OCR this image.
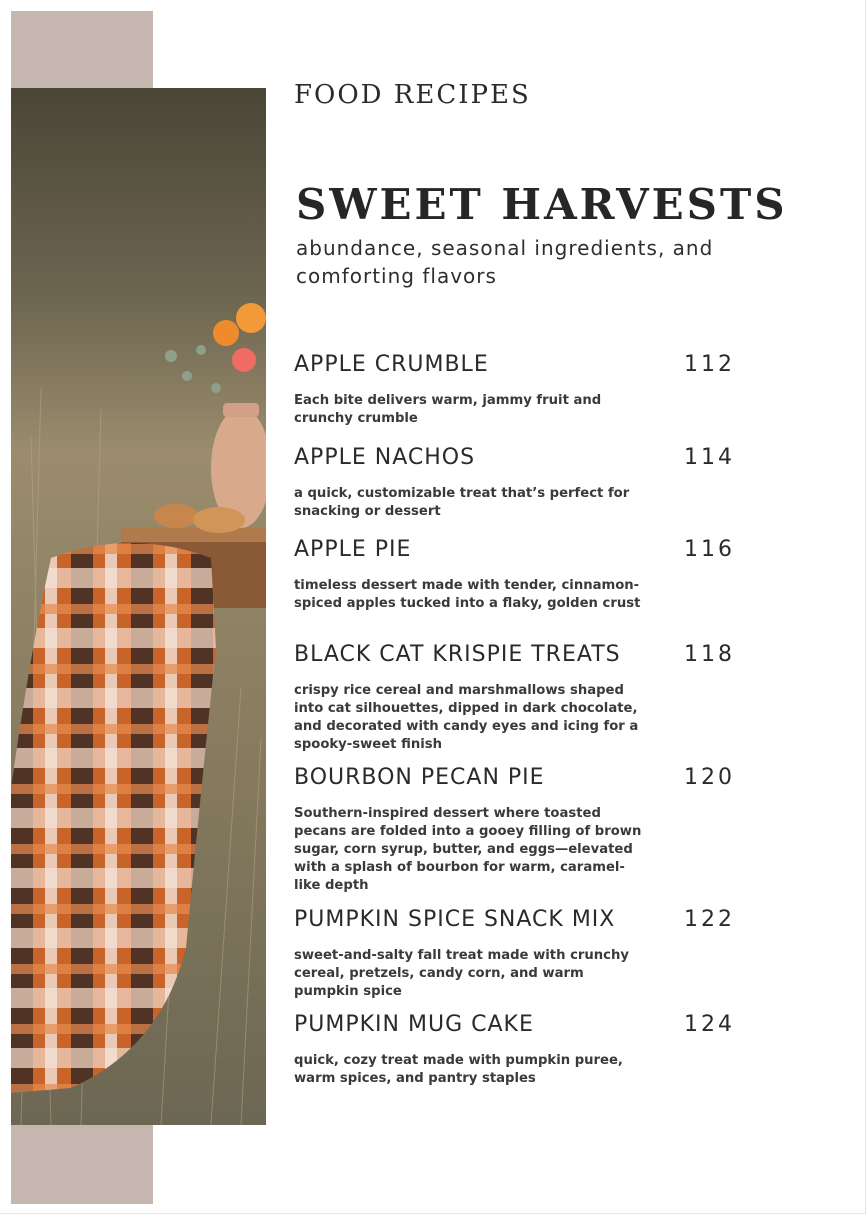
FOOD RECIPES
SWEET HARVESTS

abundance, seasonal ingredients, and comforting flavors

APPLE CRUMBLE	112

Each bite delivers warm, jammy fruit and crunchy crumble

APPLE NACHOS	114

a quick, customizable treat that’s perfect for snacking or dessert

APPLE PIE	116

timeless dessert made with tender, cinnamon-spiced apples tucked into a flaky, golden crust

BLACK CAT KRISPIE TREATS	118

crispy rice cereal and marshmallows shaped into cat silhouettes, dipped in dark chocolate, and decorated with candy eyes and icing for a spooky-sweet finish

BOURBON PECAN PIE	120

Southern-inspired dessert where toasted pecans are folded into a gooey filling of brown sugar, corn syrup, butter, and eggs—elevated with a splash of bourbon for warm, caramel-like depth

PUMPKIN SPICE SNACK MIX	122

sweet-and-salty fall treat made with crunchy cereal, pretzels, candy corn, and warm pumpkin spice

PUMPKIN MUG CAKE	124

quick, cozy treat made with pumpkin puree, warm spices, and pantry staples
